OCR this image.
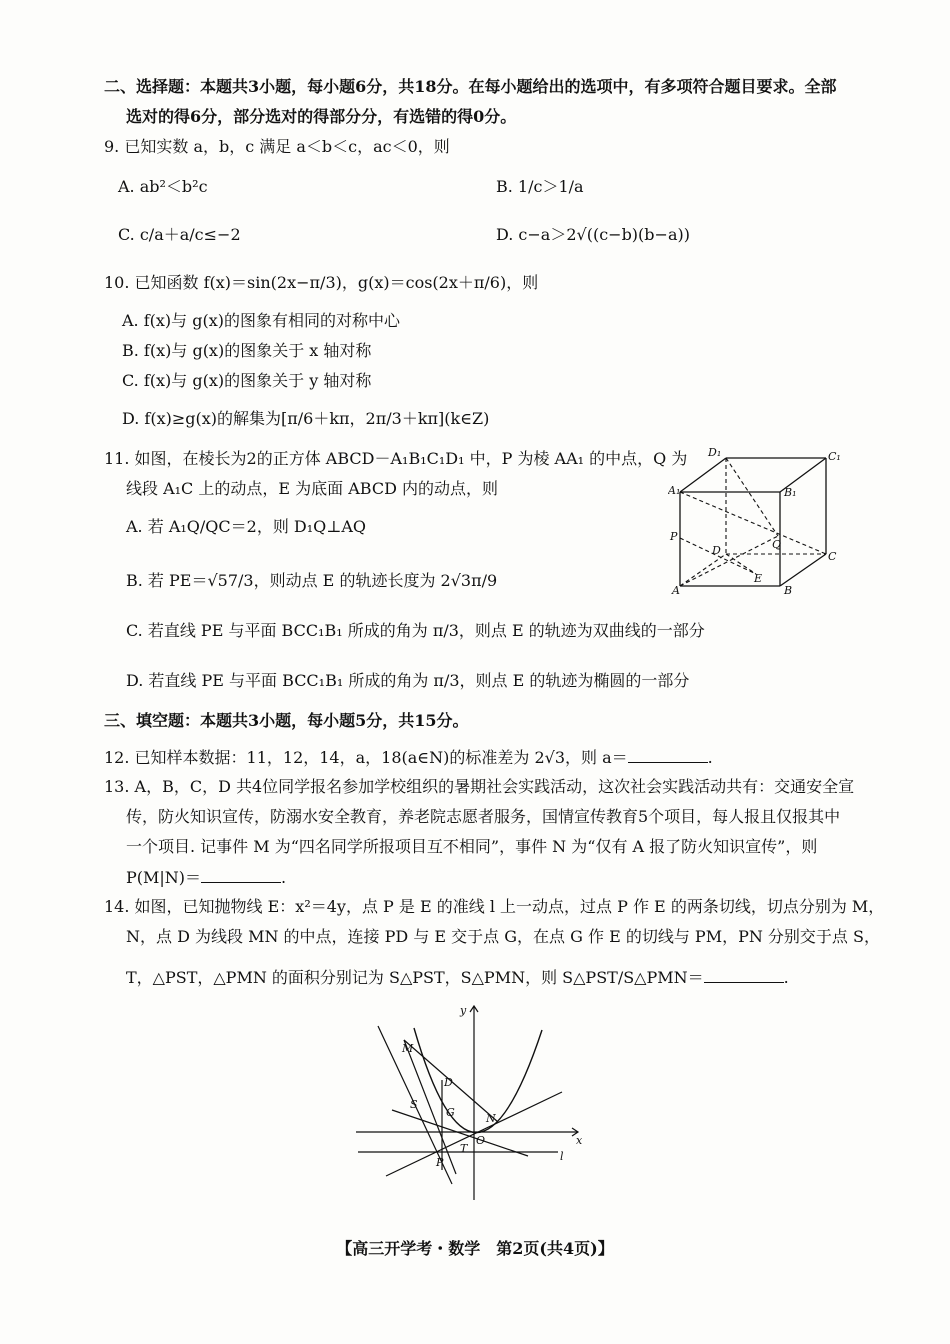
二、选择题：本题共3小题，每小题6分，共18分。在每小题给出的选项中，有多项符合题目要求。全部
选对的得6分，部分选对的得部分分，有选错的得0分。
9. 已知实数 a，b，c 满足 a＜b＜c，ac＜0，则
A. ab²＜b²c	B. 1/c＞1/a
C. c/a＋a/c≤−2	D. c−a＞2√((c−b)(b−a))
10. 已知函数 f(x)＝sin(2x−π/3)，g(x)＝cos(2x＋π/6)，则
A. f(x)与 g(x)的图象有相同的对称中心
B. f(x)与 g(x)的图象关于 x 轴对称
C. f(x)与 g(x)的图象关于 y 轴对称
D. f(x)≥g(x)的解集为[π/6＋kπ，2π/3＋kπ](k∈Z)
11. 如图，在棱长为2的正方体 ABCD－A₁B₁C₁D₁ 中，P 为棱 AA₁ 的中点，Q 为
线段 A₁C 上的动点，E 为底面 ABCD 内的动点，则
A. 若 A₁Q/QC＝2，则 D₁Q⊥AQ
B. 若 PE＝√57/3，则动点 E 的轨迹长度为 2√3π/9
C. 若直线 PE 与平面 BCC₁B₁ 所成的角为 π/3，则点 E 的轨迹为双曲线的一部分
D. 若直线 PE 与平面 BCC₁B₁ 所成的角为 π/3，则点 E 的轨迹为椭圆的一部分
D₁	C₁
A₁	B₁
P
D	Q
C
A
E
B
三、填空题：本题共3小题，每小题5分，共15分。
12. 已知样本数据：11，12，14，a，18(a∈N)的标准差为 2√3，则 a＝	.
13. A，B，C，D 共4位同学报名参加学校组织的暑期社会实践活动，这次社会实践活动共有：交通安全宣
传，防火知识宣传，防溺水安全教育，养老院志愿者服务，国情宣传教育5个项目，每人报且仅报其中
一个项目. 记事件 M 为“四名同学所报项目互不相同”，事件 N 为“仅有 A 报了防火知识宣传”，则
P(M|N)＝	.
14. 如图，已知抛物线 E：x²＝4y，点 P 是 E 的准线 l 上一动点，过点 P 作 E 的两条切线，切点分别为 M，
N，点 D 为线段 MN 的中点，连接 PD 与 E 交于点 G，在点 G 作 E 的切线与 PM，PN 分别交于点 S，
T，△PST，△PMN 的面积分别记为 S△PST，S△PMN，则 S△PST/S△PMN＝	.
y
M
D
S
G	N
O	x
T
l
P
【高三开学考・数学　第2页(共4页)】
